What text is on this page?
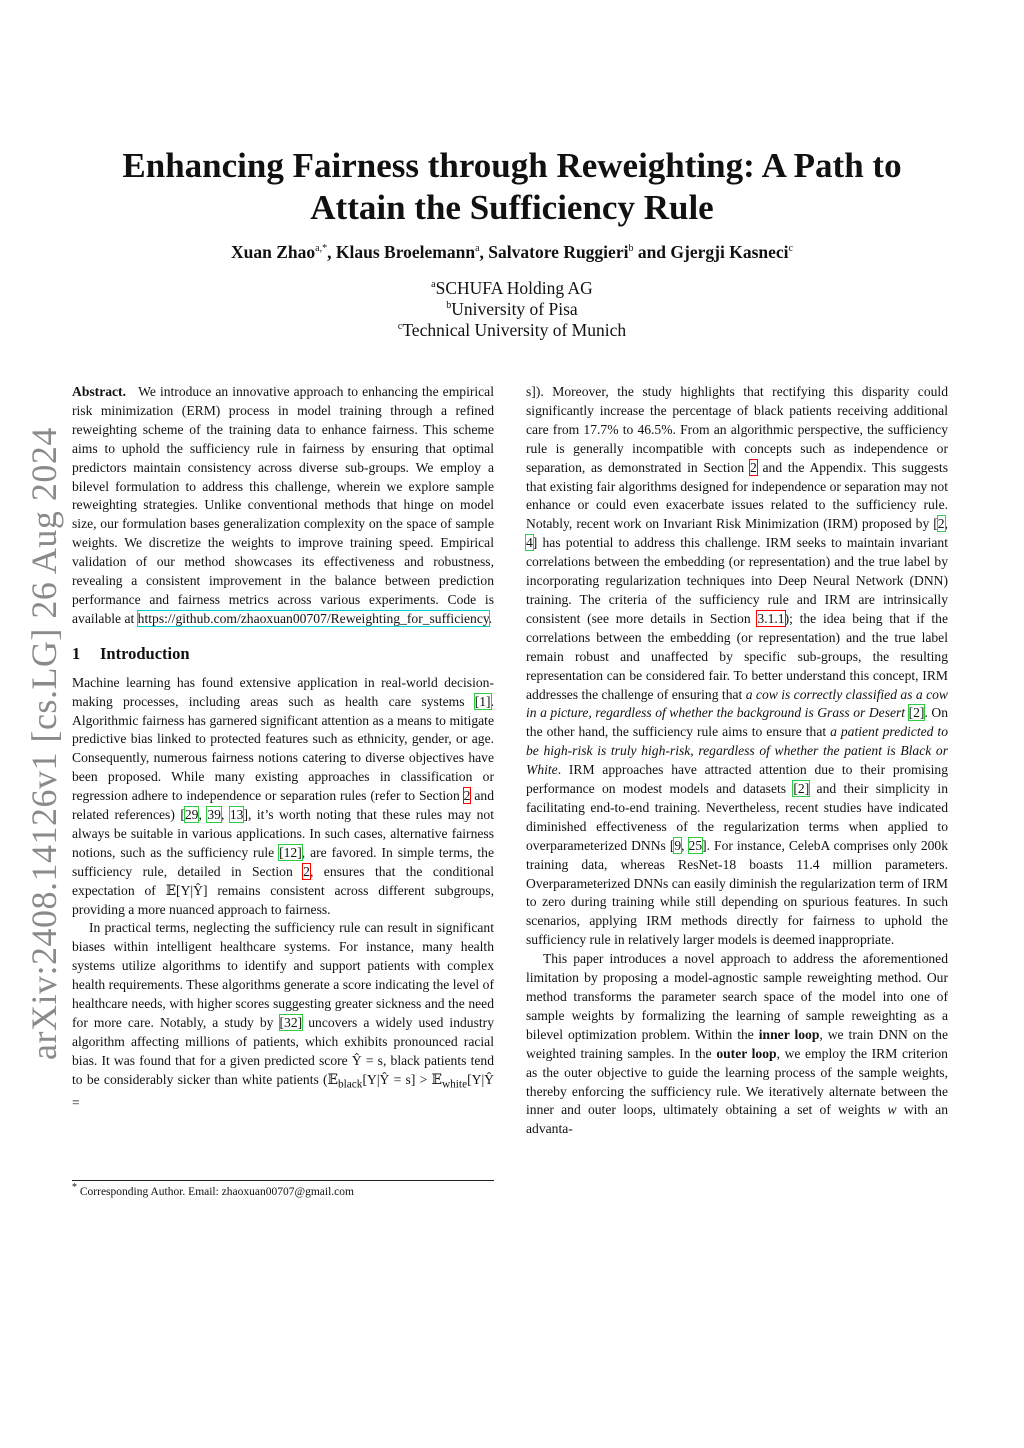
arXiv:2408.14126v1 [cs.LG] 26 Aug 2024
Enhancing Fairness through Reweighting: A Path to Attain the Sufficiency Rule
Xuan Zhao$^{a,*}$, Klaus Broelemann$^a$, Salvatore Ruggieri$^b$ and Gjergji Kasneci$^c$
$^a$SCHUFA Holding AG
$^b$University of Pisa
$^c$Technical University of Munich

Abstract. We introduce an innovative approach to enhancing the empirical risk minimization (ERM) process in model training through a refined reweighting scheme of the training data to enhance fairness. This scheme aims to uphold the sufficiency rule in fairness by ensuring that optimal predictors maintain consistency across diverse sub-groups. We employ a bilevel formulation to address this challenge, wherein we explore sample reweighting strategies. Unlike conventional methods that hinge on model size, our formulation bases generalization complexity on the space of sample weights. We discretize the weights to improve training speed. Empirical validation of our method showcases its effectiveness and robustness, revealing a consistent improvement in the balance between prediction performance and fairness metrics across various experiments. Code is available at https://github.com/zhaoxuan00707/Reweighting_for_sufficiency.

1 Introduction

Machine learning has found extensive application in real-world decision-making processes, including areas such as health care systems [1]. Algorithmic fairness has garnered significant attention as a means to mitigate predictive bias linked to protected features such as ethnicity, gender, or age. Consequently, numerous fairness notions catering to diverse objectives have been proposed. While many existing approaches in classification or regression adhere to independence or separation rules (refer to Section 2 and related references) [29, 39, 13], it’s worth noting that these rules may not always be suitable in various applications. In such cases, alternative fairness notions, such as the sufficiency rule [12], are favored. In simple terms, the sufficiency rule, detailed in Section 2, ensures that the conditional expectation of 𝔼[Y|Ŷ] remains consistent across different subgroups, providing a more nuanced approach to fairness.

In practical terms, neglecting the sufficiency rule can result in significant biases within intelligent healthcare systems. For instance, many health systems utilize algorithms to identify and support patients with complex health requirements. These algorithms generate a score indicating the level of healthcare needs, with higher scores suggesting greater sickness and the need for more care. Notably, a study by [32] uncovers a widely used industry algorithm affecting millions of patients, which exhibits pronounced racial bias. It was found that for a given predicted score Ŷ = s, black patients tend to be considerably sicker than white patients (𝔼$_{black}$[Y|Ŷ = s] > 𝔼$_{white}$[Y|Ŷ =

* Corresponding Author. Email: zhaoxuan00707@gmail.com

s]). Moreover, the study highlights that rectifying this disparity could significantly increase the percentage of black patients receiving additional care from 17.7% to 46.5%. From an algorithmic perspective, the sufficiency rule is generally incompatible with concepts such as independence or separation, as demonstrated in Section 2 and the Appendix. This suggests that existing fair algorithms designed for independence or separation may not enhance or could even exacerbate issues related to the sufficiency rule. Notably, recent work on Invariant Risk Minimization (IRM) proposed by [2, 4] has potential to address this challenge. IRM seeks to maintain invariant correlations between the embedding (or representation) and the true label by incorporating regularization techniques into Deep Neural Network (DNN) training. The criteria of the sufficiency rule and IRM are intrinsically consistent (see more details in Section 3.1.1); the idea being that if the correlations between the embedding (or representation) and the true label remain robust and unaffected by specific sub-groups, the resulting representation can be considered fair. To better understand this concept, IRM addresses the challenge of ensuring that a cow is correctly classified as a cow in a picture, regardless of whether the background is Grass or Desert [2]. On the other hand, the sufficiency rule aims to ensure that a patient predicted to be high-risk is truly high-risk, regardless of whether the patient is Black or White. IRM approaches have attracted attention due to their promising performance on modest models and datasets [2] and their simplicity in facilitating end-to-end training. Nevertheless, recent studies have indicated diminished effectiveness of the regularization terms when applied to overparameterized DNNs [9, 25]. For instance, CelebA comprises only 200k training data, whereas ResNet-18 boasts 11.4 million parameters. Overparameterized DNNs can easily diminish the regularization term of IRM to zero during training while still depending on spurious features. In such scenarios, applying IRM methods directly for fairness to uphold the sufficiency rule in relatively larger models is deemed inappropriate.

This paper introduces a novel approach to address the aforementioned limitation by proposing a model-agnostic sample reweighting method. Our method transforms the parameter search space of the model into one of sample weights by formalizing the learning of sample reweighting as a bilevel optimization problem. Within the inner loop, we train DNN on the weighted training samples. In the outer loop, we employ the IRM criterion as the outer objective to guide the learning process of the sample weights, thereby enforcing the sufficiency rule. We iteratively alternate between the inner and outer loops, ultimately obtaining a set of weights w with an advanta-
